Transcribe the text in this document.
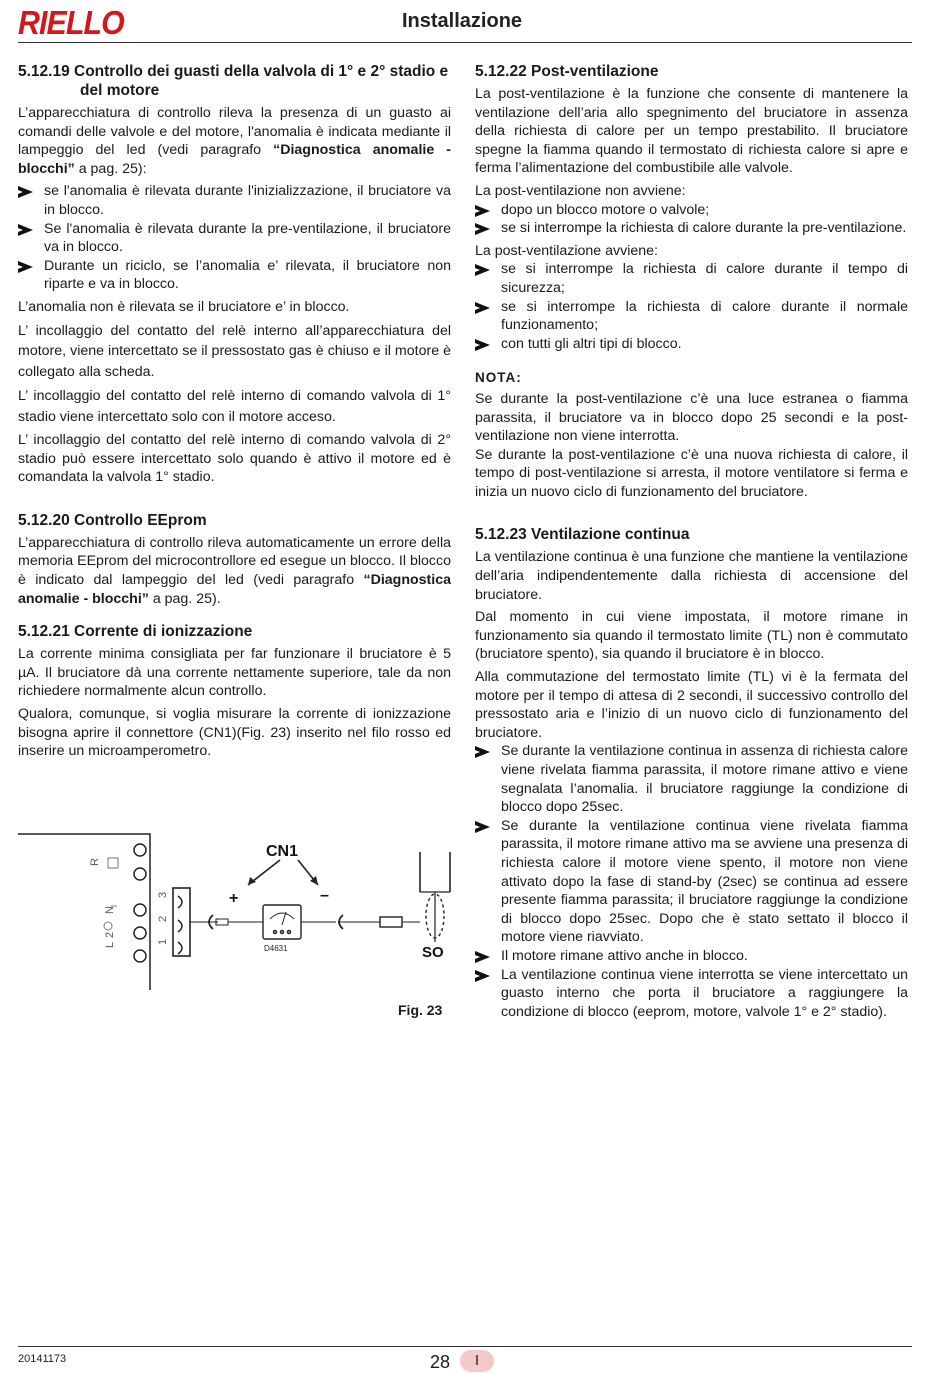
RIELLO	Installazione
5.12.19 Controllo dei guasti della valvola di 1° e 2° stadio e del motore

L’apparecchiatura di controllo rileva la presenza di un guasto ai comandi delle valvole e del motore, l'anomalia è indicata mediante il lampeggio del led (vedi paragrafo “Diagnostica anomalie - blocchi” a pag. 25):

se l'anomalia è rilevata durante l'inizializzazione, il bruciatore va in blocco.
Se l'anomalia è rilevata durante la pre-ventilazione, il bruciatore va in blocco.
Durante un riciclo, se l’anomalia e’ rilevata, il bruciatore non riparte e va in blocco.

L’anomalia non è rilevata se il bruciatore e’ in blocco.

L’ incollaggio del contatto del relè interno all’apparecchiatura del motore, viene intercettato se il pressostato gas è chiuso e il motore è collegato alla scheda.

L’ incollaggio del contatto del relè interno di comando valvola di 1° stadio viene intercettato solo con il motore acceso.

L’ incollaggio del contatto del relè interno di comando valvola di 2° stadio può essere intercettato solo quando è attivo il motore ed è comandata la valvola 1° stadio.

5.12.20 Controllo EEprom

L’apparecchiatura di controllo rileva automaticamente un errore della memoria EEprom del microcontrollore ed esegue un blocco. Il blocco è indicato dal lampeggio del led (vedi paragrafo “Diagnostica anomalie - blocchi” a pag. 25).

5.12.21 Corrente di ionizzazione

La corrente minima consigliata per far funzionare il bruciatore è 5 µA. Il bruciatore dà una corrente nettamente superiore, tale da non richiedere normalmente alcun controllo.

Qualora, comunque, si voglia misurare la corrente di ionizzazione bisogna aprire il connettore (CN1)(Fig. 23) inserito nel filo rosso ed inserire un microamperometro.

CN1
+	–
SO
D4631
1
2
3
L
2
N
R
Fig. 23
5.12.22 Post-ventilazione

La post-ventilazione è la funzione che consente di mantenere la ventilazione dell’aria allo spegnimento del bruciatore in assenza della richiesta di calore per un tempo prestabilito. Il bruciatore spegne la fiamma quando il termostato di richiesta calore si apre e ferma l’alimentazione del combustibile alle valvole.

La post-ventilazione non avviene:

dopo un blocco motore o valvole;
se si interrompe la richiesta di calore durante la pre-ventilazione.

La post-ventilazione avviene:

se si interrompe la richiesta di calore durante il tempo di sicurezza;
se si interrompe la richiesta di calore durante il normale funzionamento;
con tutti gli altri tipi di blocco.
NOTA:

Se durante la post-ventilazione c’è una luce estranea o fiamma parassita, il bruciatore va in blocco dopo 25 secondi e la post-ventilazione non viene interrotta.

Se durante la post-ventilazione c’è una nuova richiesta di calore, il tempo di post-ventilazione si arresta, il motore ventilatore si ferma e inizia un nuovo ciclo di funzionamento del bruciatore.

5.12.23 Ventilazione continua

La ventilazione continua è una funzione che mantiene la ventilazione dell’aria indipendentemente dalla richiesta di accensione del bruciatore.

Dal momento in cui viene impostata, il motore rimane in funzionamento sia quando il termostato limite (TL) non è commutato (bruciatore spento), sia quando il bruciatore è in blocco.

Alla commutazione del termostato limite (TL) vi è la fermata del motore per il tempo di attesa di 2 secondi, il successivo controllo del pressostato aria e l’inizio di un nuovo ciclo di funzionamento del bruciatore.

Se durante la ventilazione continua in assenza di richiesta calore viene rivelata fiamma parassita, il motore rimane attivo e viene segnalata l’anomalia. il bruciatore raggiunge la condizione di blocco dopo 25sec.
Se durante la ventilazione continua viene rivelata fiamma parassita, il motore rimane attivo ma se avviene una presenza di richiesta calore il motore viene spento, il motore non viene attivato dopo la fase di stand-by (2sec) se continua ad essere presente fiamma parassita; il bruciatore raggiunge la condizione di blocco dopo 25sec. Dopo che è stato settato il blocco il motore viene riavviato.
Il motore rimane attivo anche in blocco.
La ventilazione continua viene interrotta se viene intercettato un guasto interno che porta il bruciatore a raggiungere la condizione di blocco (eeprom, motore, valvole 1° e 2° stadio).
20141173	28	I
